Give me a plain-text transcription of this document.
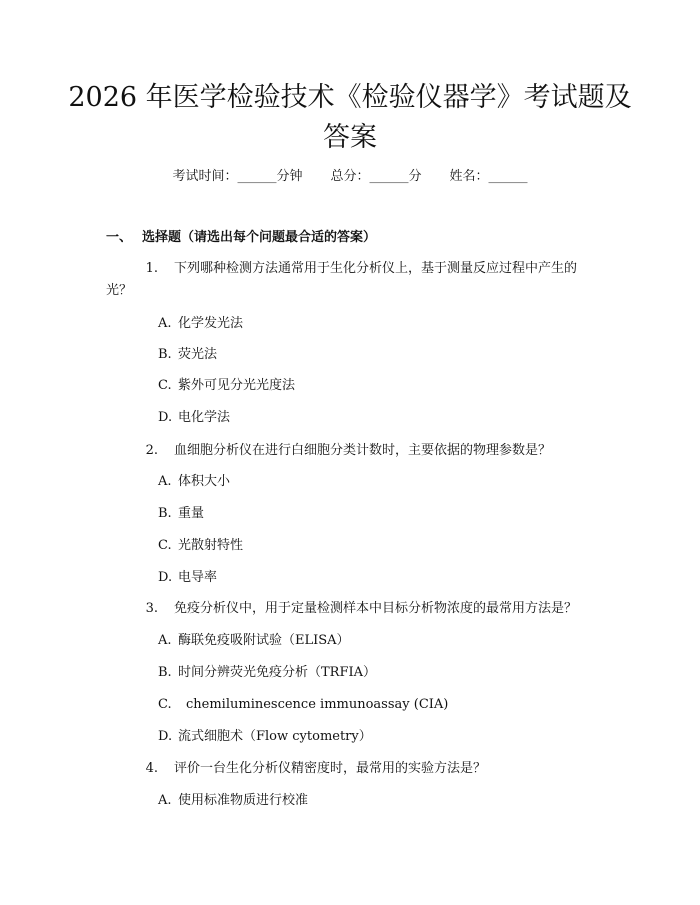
2026 年医学检验技术《检验仪器学》考试题及答案
考试时间：______分钟 总分：______分 姓名：______
一、 选择题（请选出每个问题最合适的答案）
1. 下列哪种检测方法通常用于生化分析仪上，基于测量反应过程中产生的光？
A. 化学发光法
B. 荧光法
C. 紫外可见分光光度法
D. 电化学法
2. 血细胞分析仪在进行白细胞分类计数时，主要依据的物理参数是？
A. 体积大小
B. 重量
C. 光散射特性
D. 电导率
3. 免疫分析仪中，用于定量检测样本中目标分析物浓度的最常用方法是？
A. 酶联免疫吸附试验（ELISA）
B. 时间分辨荧光免疫分析（TRFIA）
C. chemiluminescence immunoassay (CIA)
D. 流式细胞术（Flow cytometry）
4. 评价一台生化分析仪精密度时，最常用的实验方法是？
A. 使用标准物质进行校准
